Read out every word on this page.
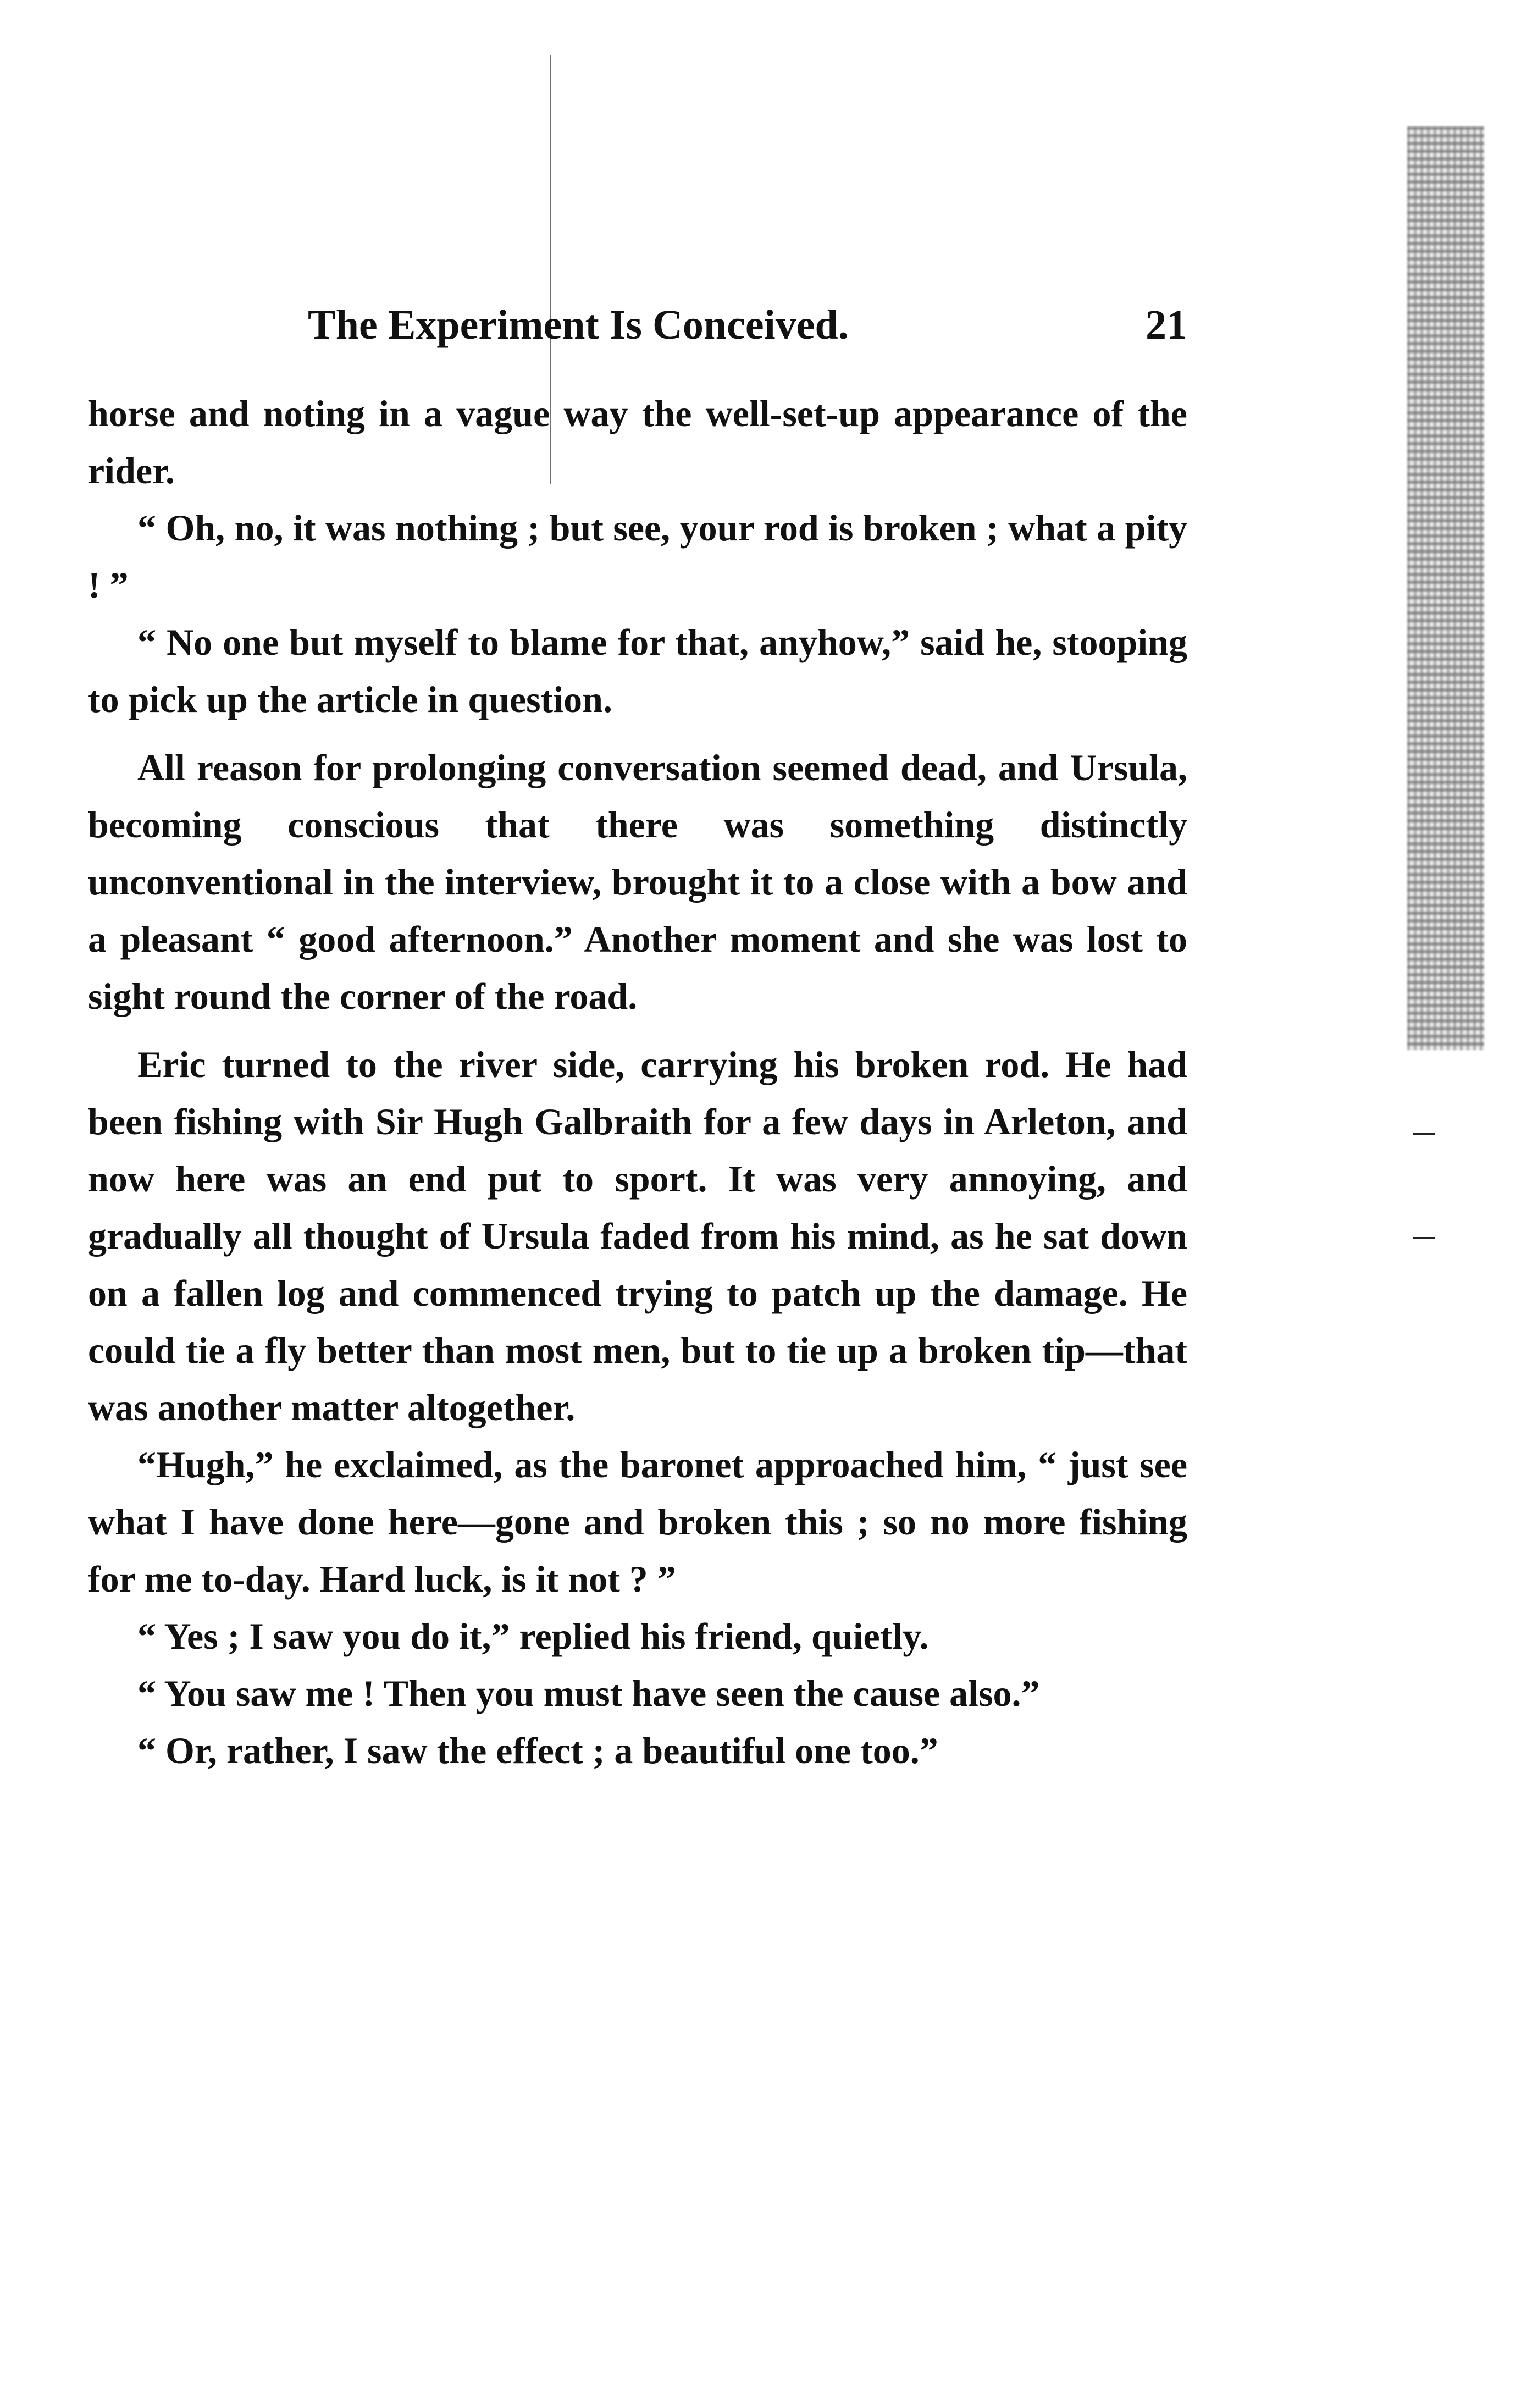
The Experiment Is Conceived.	21

horse and noting in a vague way the well-set-up appearance of the rider.

“ Oh, no, it was nothing ; but see, your rod is broken ; what a pity ! ”

“ No one but myself to blame for that, anyhow,” said he, stooping to pick up the article in question.

All reason for prolonging conversation seemed dead, and Ursula, becoming conscious that there was something distinctly unconventional in the interview, brought it to a close with a bow and a pleasant “ good afternoon.” Another moment and she was lost to sight round the corner of the road.

Eric turned to the river side, carrying his broken rod. He had been fishing with Sir Hugh Galbraith for a few days in Arleton, and now here was an end put to sport. It was very annoying, and gradually all thought of Ursula faded from his mind, as he sat down on a fallen log and commenced trying to patch up the damage. He could tie a fly better than most men, but to tie up a broken tip—that was another matter altogether.

“Hugh,” he exclaimed, as the baronet approached him, “ just see what I have done here—gone and broken this ; so no more fishing for me to-day. Hard luck, is it not ? ”

“ Yes ; I saw you do it,” replied his friend, quietly.

“ You saw me ! Then you must have seen the cause also.”

“ Or, rather, I saw the effect ; a beautiful one too.”
